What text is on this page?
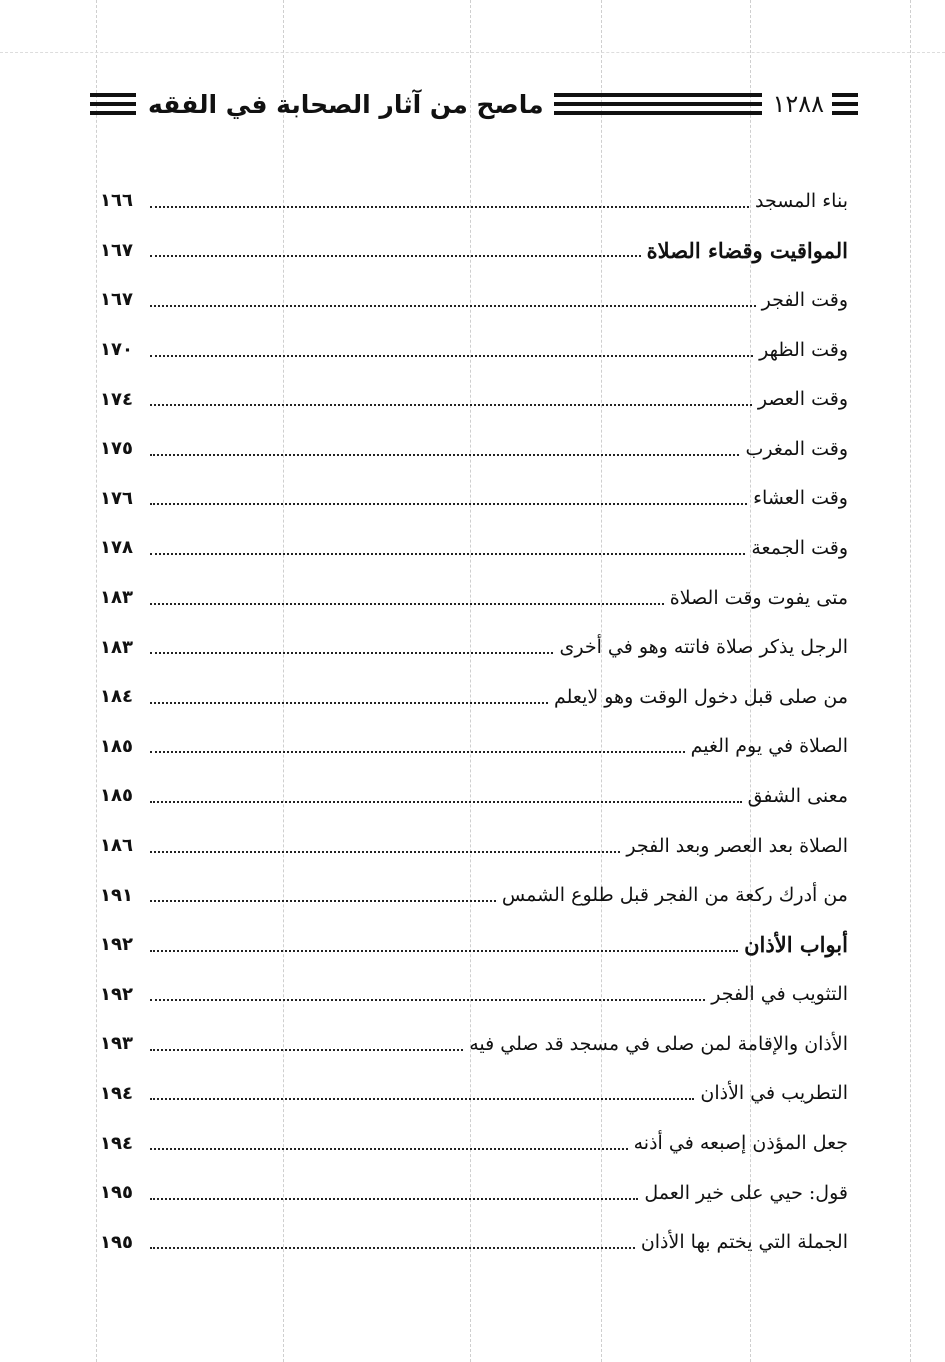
ماصح من آثار الصحابة في الفقه	١٢٨٨
بناء المسجد
١٦٦
المواقيت وقضاء الصلاة
١٦٧
وقت الفجر
١٦٧
وقت الظهر
١٧٠
وقت العصر
١٧٤
وقت المغرب
١٧٥
وقت العشاء
١٧٦
وقت الجمعة
١٧٨
متى يفوت وقت الصلاة
١٨٣
الرجل يذكر صلاة فاتته وهو في أخرى
١٨٣
من صلى قبل دخول الوقت وهو لايعلم
١٨٤
الصلاة في يوم الغيم
١٨٥
معنى الشفق
١٨٥
الصلاة بعد العصر وبعد الفجر
١٨٦
من أدرك ركعة من الفجر قبل طلوع الشمس
١٩١
أبواب الأذان
١٩٢
التثويب في الفجر
١٩٢
الأذان والإقامة لمن صلى في مسجد قد صلي فيه
١٩٣
التطريب في الأذان
١٩٤
جعل المؤذن إصبعه في أذنه
١٩٤
قول: حيي على خير العمل
١٩٥
الجملة التي يختم بها الأذان
١٩٥
